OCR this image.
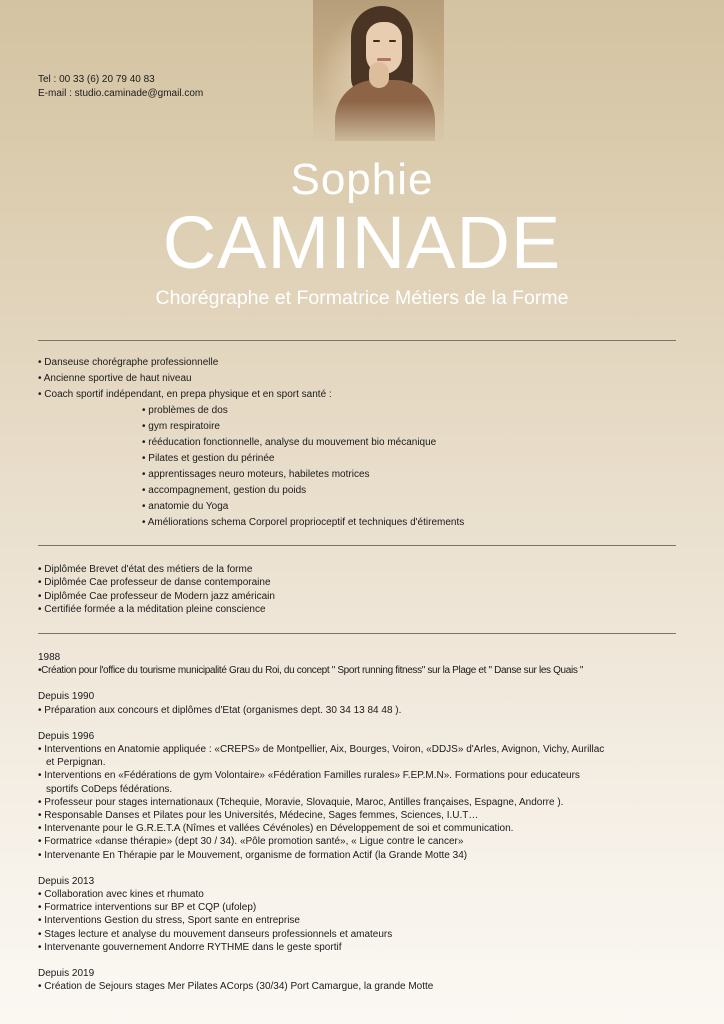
Tel : 00 33 (6) 20 79 40 83
E-mail : studio.caminade@gmail.com
Sophie
CAMINADE
Chorégraphe et Formatrice Métiers de la Forme
• Danseuse chorégraphe professionnelle
• Ancienne sportive de haut niveau
• Coach sportif indépendant, en prepa physique et en sport santé :
• problèmes de dos
• gym respiratoire
• rééducation fonctionnelle, analyse du mouvement bio mécanique
• Pilates et gestion du périnée
• apprentissages neuro moteurs, habiletes motrices
• accompagnement, gestion du poids
• anatomie du Yoga
• Améliorations schema Corporel proprioceptif et techniques d'étirements
• Diplômée Brevet d'état des métiers de la forme
• Diplômée Cae professeur de danse contemporaine
• Diplômée Cae professeur de Modern jazz américain
• Certifiée formée a la méditation pleine conscience
1988
•Création pour l'office du tourisme municipalité Grau du Roi, du concept " Sport running fitness" sur la Plage et " Danse sur les Quais "
Depuis 1990
• Préparation aux concours et diplômes d'Etat (organismes dept. 30 34 13 84 48 ).
Depuis 1996
• Interventions en Anatomie appliquée : «CREPS» de Montpellier, Aix, Bourges, Voiron, «DDJS» d'Arles, Avignon, Vichy, Aurillac
et Perpignan.
• Interventions en «Fédérations de gym Volontaire» «Fédération Familles rurales» F.EP.M.N». Formations pour educateurs
sportifs CoDeps fédérations.
• Professeur pour stages internationaux (Tchequie, Moravie, Slovaquie, Maroc, Antilles françaises, Espagne, Andorre ).
• Responsable Danses et Pilates pour les Universités, Médecine, Sages femmes, Sciences, I.U.T…
• Intervenante pour le G.R.E.T.A (Nîmes et vallées Cévénoles) en Développement de soi et communication.
• Formatrice «danse thérapie» (dept 30 / 34). «Pôle promotion santé», « Ligue contre le cancer»
• Intervenante En Thérapie par le Mouvement, organisme de formation Actif (la Grande Motte 34)
Depuis 2013
• Collaboration avec kines et rhumato
• Formatrice interventions sur BP et CQP (ufolep)
• Interventions Gestion du stress, Sport sante en entreprise
• Stages lecture et analyse du mouvement danseurs professionnels et amateurs
• Intervenante gouvernement Andorre RYTHME dans le geste sportif
Depuis 2019
• Création de Sejours stages Mer Pilates ACorps (30/34) Port Camargue, la grande Motte
